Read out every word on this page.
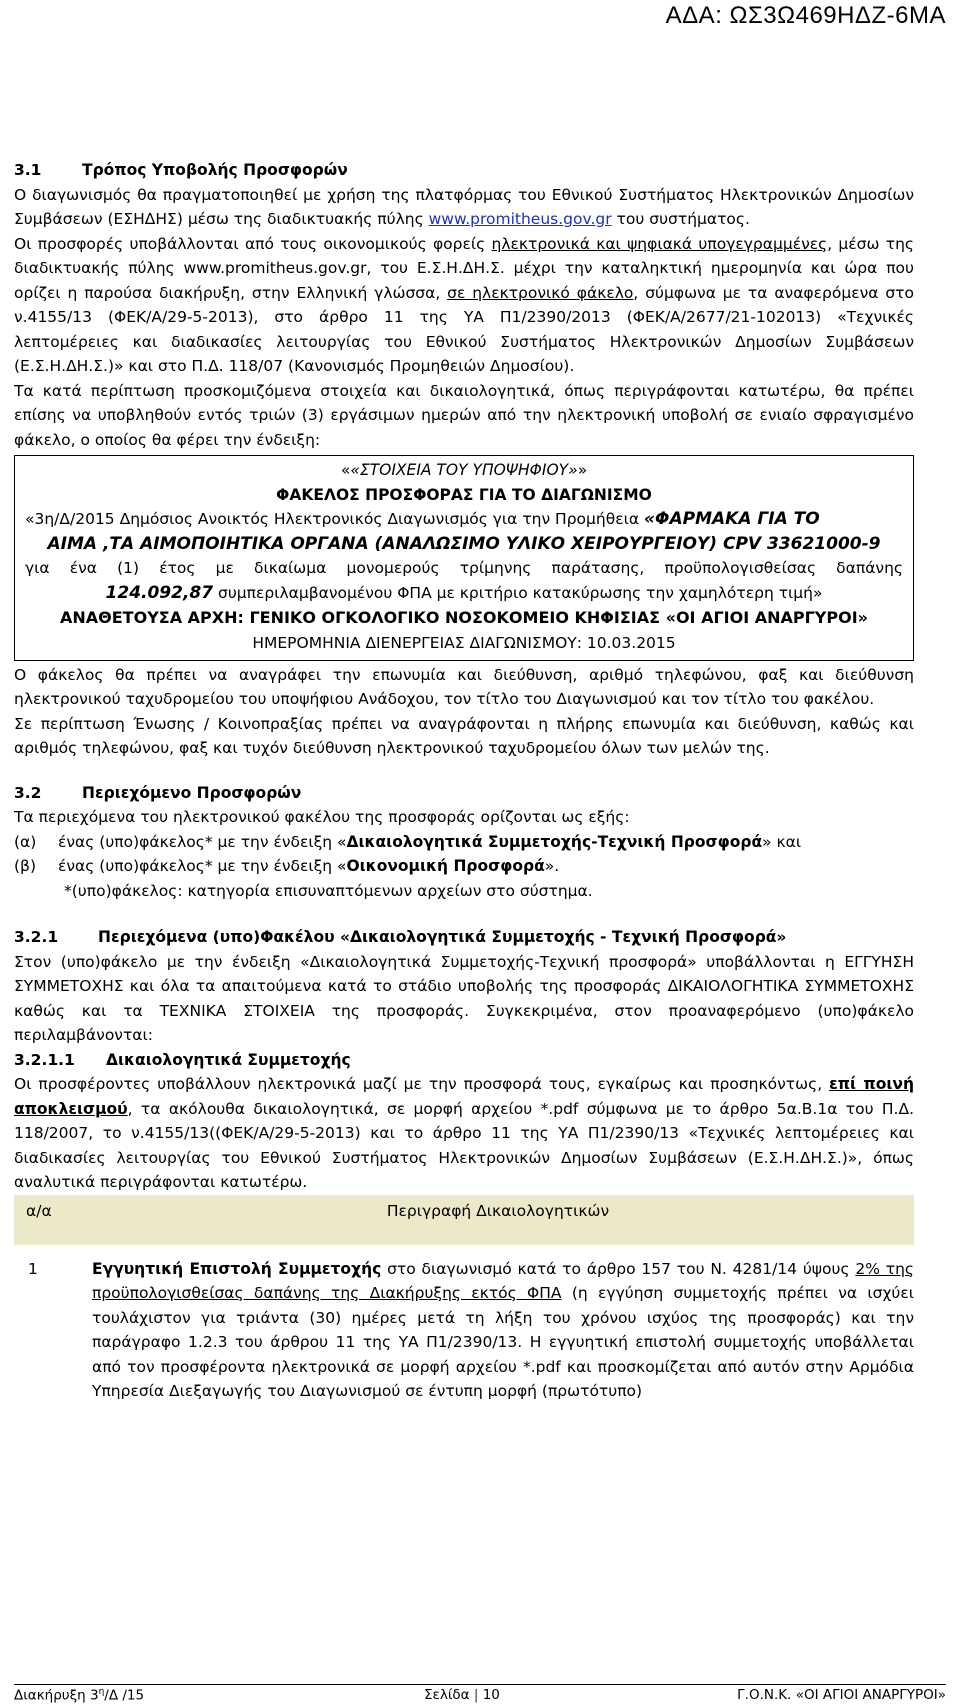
ΑΔΑ: ΩΣ3Ω469ΗΔΖ-6ΜΑ

3.1	Τρόπος Υποβολής Προσφορών

Ο διαγωνισμός θα πραγματοποιηθεί με χρήση της πλατφόρμας του Εθνικού Συστήματος Ηλεκτρονικών Δημοσίων Συμβάσεων (ΕΣΗΔΗΣ) μέσω της διαδικτυακής πύλης www.promitheus.gov.gr του συστήματος.

Οι προσφορές υποβάλλονται από τους οικονομικούς φορείς ηλεκτρονικά και ψηφιακά υπογεγραμμένες, μέσω της διαδικτυακής πύλης www.promitheus.gov.gr, του Ε.Σ.Η.ΔΗ.Σ. μέχρι την καταληκτική ημερομηνία και ώρα που ορίζει η παρούσα διακήρυξη, στην Ελληνική γλώσσα, σε ηλεκτρονικό φάκελο, σύμφωνα με τα αναφερόμενα στο ν.4155/13 (ΦΕΚ/Α/29-5-2013), στο άρθρο 11 της ΥΑ Π1/2390/2013 (ΦΕΚ/Α/2677/21-102013) «Τεχνικές λεπτομέρειες και διαδικασίες λειτουργίας του Εθνικού Συστήματος Ηλεκτρονικών Δημοσίων Συμβάσεων (Ε.Σ.Η.ΔΗ.Σ.)» και στο Π.Δ. 118/07 (Κανονισμός Προμηθειών Δημοσίου).

Τα κατά περίπτωση προσκομιζόμενα στοιχεία και δικαιολογητικά, όπως περιγράφονται κατωτέρω, θα πρέπει επίσης να υποβληθούν εντός τριών (3) εργάσιμων ημερών από την ηλεκτρονική υποβολή σε ενιαίο σφραγισμένο φάκελο, ο οποίος θα φέρει την ένδειξη:

««ΣΤΟΙΧΕΙΑ ΤΟΥ ΥΠΟΨΗΦΙΟΥ»»

ΦΑΚΕΛΟΣ ΠΡΟΣΦΟΡΑΣ ΓΙΑ ΤΟ ΔΙΑΓΩΝΙΣΜΟ

«3η/Δ/2015 Δημόσιος Ανοικτός Ηλεκτρονικός Διαγωνισμός για την Προμήθεια «ΦΑΡΜΑΚΑ ΓΙΑ ΤΟ

ΑΙΜΑ ,ΤΑ ΑΙΜΟΠΟΙΗΤΙΚΑ ΟΡΓΑΝΑ (ΑΝΑΛΩΣΙΜΟ ΥΛΙΚΟ ΧΕΙΡΟΥΡΓΕΙΟΥ) CPV 33621000-9

για ένα (1) έτος με δικαίωμα μονομερούς τρίμηνης παράτασης, προϋπολογισθείσας δαπάνης

124.092,87 συμπεριλαμβανομένου ΦΠΑ με κριτήριο κατακύρωσης την χαμηλότερη τιμή»

ΑΝΑΘΕΤΟΥΣΑ ΑΡΧΗ: ΓΕΝΙΚΟ ΟΓΚΟΛΟΓΙΚΟ ΝΟΣΟΚΟΜΕΙΟ ΚΗΦΙΣΙΑΣ «ΟΙ ΑΓΙΟΙ ΑΝΑΡΓΥΡΟΙ»

ΗΜΕΡΟΜΗΝΙΑ ΔΙΕΝΕΡΓΕΙΑΣ ΔΙΑΓΩΝΙΣΜΟΥ: 10.03.2015

Ο φάκελος θα πρέπει να αναγράφει την επωνυμία και διεύθυνση, αριθμό τηλεφώνου, φαξ και διεύθυνση ηλεκτρονικού ταχυδρομείου του υποψήφιου Ανάδοχου, τον τίτλο του Διαγωνισμού και τον τίτλο του φακέλου.

Σε περίπτωση Ένωσης / Κοινοπραξίας πρέπει να αναγράφονται η πλήρης επωνυμία και διεύθυνση, καθώς και αριθμός τηλεφώνου, φαξ και τυχόν διεύθυνση ηλεκτρονικού ταχυδρομείου όλων των μελών της.

3.2	Περιεχόμενο Προσφορών

Τα περιεχόμενα του ηλεκτρονικού φακέλου της προσφοράς ορίζονται ως εξής:

(α)	ένας (υπο)φάκελος* με την ένδειξη «Δικαιολογητικά Συμμετοχής-Τεχνική Προσφορά» και
(β)	ένας (υπο)φάκελος* με την ένδειξη «Οικονομική Προσφορά».

*(υπο)φάκελος: κατηγορία επισυναπτόμενων αρχείων στο σύστημα.

3.2.1	Περιεχόμενα (υπο)Φακέλου «Δικαιολογητικά Συμμετοχής - Τεχνική Προσφορά»

Στον (υπο)φάκελο με την ένδειξη «Δικαιολογητικά Συμμετοχής-Τεχνική προσφορά» υποβάλλονται η ΕΓΓΥΗΣΗ ΣΥΜΜΕΤΟΧΗΣ και όλα τα απαιτούμενα κατά το στάδιο υποβολής της προσφοράς ΔΙΚΑΙΟΛΟΓΗΤΙΚΑ ΣΥΜΜΕΤΟΧΗΣ καθώς και τα ΤΕΧΝΙΚΑ ΣΤΟΙΧΕΙΑ της προσφοράς. Συγκεκριμένα, στον προαναφερόμενο (υπο)φάκελο περιλαμβάνονται:

3.2.1.1 Δικαιολογητικά Συμμετοχής

Οι προσφέροντες υποβάλλουν ηλεκτρονικά μαζί με την προσφορά τους, εγκαίρως και προσηκόντως, επί ποινή αποκλεισμού, τα ακόλουθα δικαιολογητικά, σε μορφή αρχείου *.pdf σύμφωνα με το άρθρο 5α.Β.1α του Π.Δ. 118/2007, το ν.4155/13((ΦΕΚ/Α/29-5-2013) και το άρθρο 11 της ΥΑ Π1/2390/13 «Τεχνικές λεπτομέρειες και διαδικασίες λειτουργίας του Εθνικού Συστήματος Ηλεκτρονικών Δημοσίων Συμβάσεων (Ε.Σ.Η.ΔΗ.Σ.)», όπως αναλυτικά περιγράφονται κατωτέρω.

α/α	Περιγραφή Δικαιολογητικών
1	Εγγυητική Επιστολή Συμμετοχής στο διαγωνισμό κατά το άρθρο 157 του Ν. 4281/14 ύψους 2% της προϋπολογισθείσας δαπάνης της Διακήρυξης εκτός ΦΠΑ (η εγγύηση συμμετοχής πρέπει να ισχύει τουλάχιστον για τριάντα (30) ημέρες μετά τη λήξη του χρόνου ισχύος της προσφοράς) και την παράγραφο 1.2.3 του άρθρου 11 της ΥΑ Π1/2390/13. Η εγγυητική επιστολή συμμετοχής υποβάλλεται από τον προσφέροντα ηλεκτρονικά σε μορφή αρχείου *.pdf και προσκομίζεται από αυτόν στην Αρμόδια Υπηρεσία Διεξαγωγής του Διαγωνισμού σε έντυπη μορφή (πρωτότυπο)

Διακήρυξη $3^\eta/\Delta$ /15	Σελίδα | 10	Γ.Ο.Ν.Κ. «ΟΙ ΑΓΙΟΙ ΑΝΑΡΓΥΡΟΙ»
